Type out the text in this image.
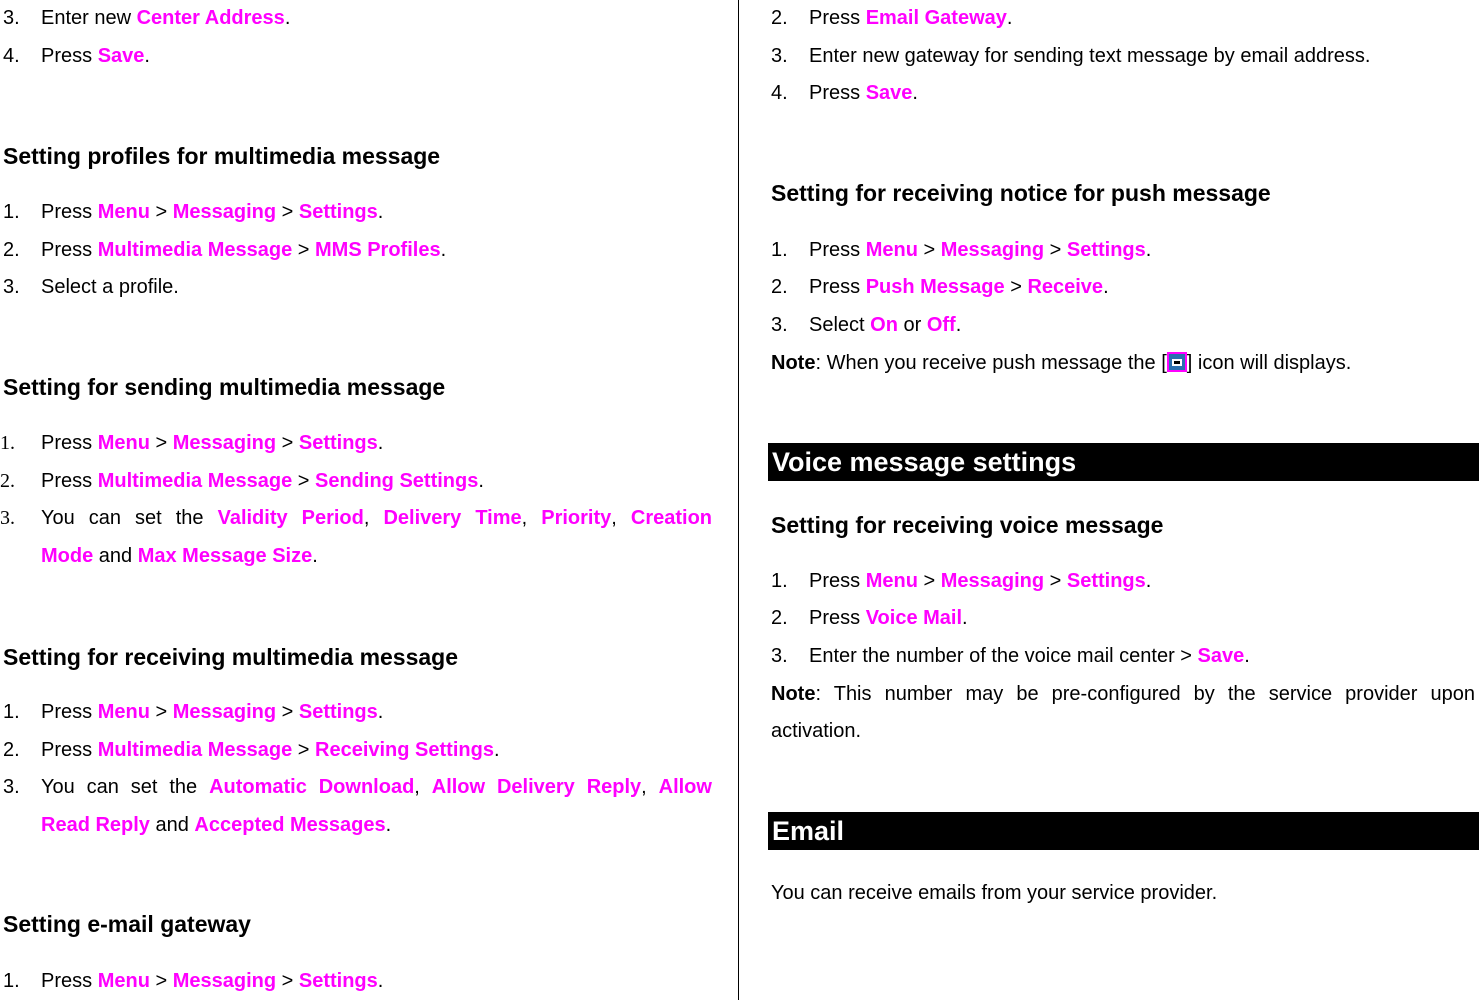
3. Enter new Center Address.
4. Press Save.
Setting profiles for multimedia message
1. Press Menu > Messaging > Settings.
2. Press Multimedia Message > MMS Profiles.
3. Select a profile.
Setting for sending multimedia message
1. Press Menu > Messaging > Settings.
2. Press Multimedia Message > Sending Settings.
3. You can set the Validity Period, Delivery Time, Priority, Creation
Mode and Max Message Size.
Setting for receiving multimedia message
1. Press Menu > Messaging > Settings.
2. Press Multimedia Message > Receiving Settings.
3. You can set the Automatic Download, Allow Delivery Reply, Allow
Read Reply and Accepted Messages.
Setting e-mail gateway
1. Press Menu > Messaging > Settings.
2. Press Email Gateway.
3. Enter new gateway for sending text message by email address.
4. Press Save.
Setting for receiving notice for push message
1. Press Menu > Messaging > Settings.
2. Press Push Message > Receive.
3. Select On or Off.
Note: When you receive push message the [ ] icon will displays.
Voice message settings
Setting for receiving voice message
1. Press Menu > Messaging > Settings.
2. Press Voice Mail.
3. Enter the number of the voice mail center > Save.
Note: This number may be pre-configured by the service provider upon
activation.
Email
You can receive emails from your service provider.
